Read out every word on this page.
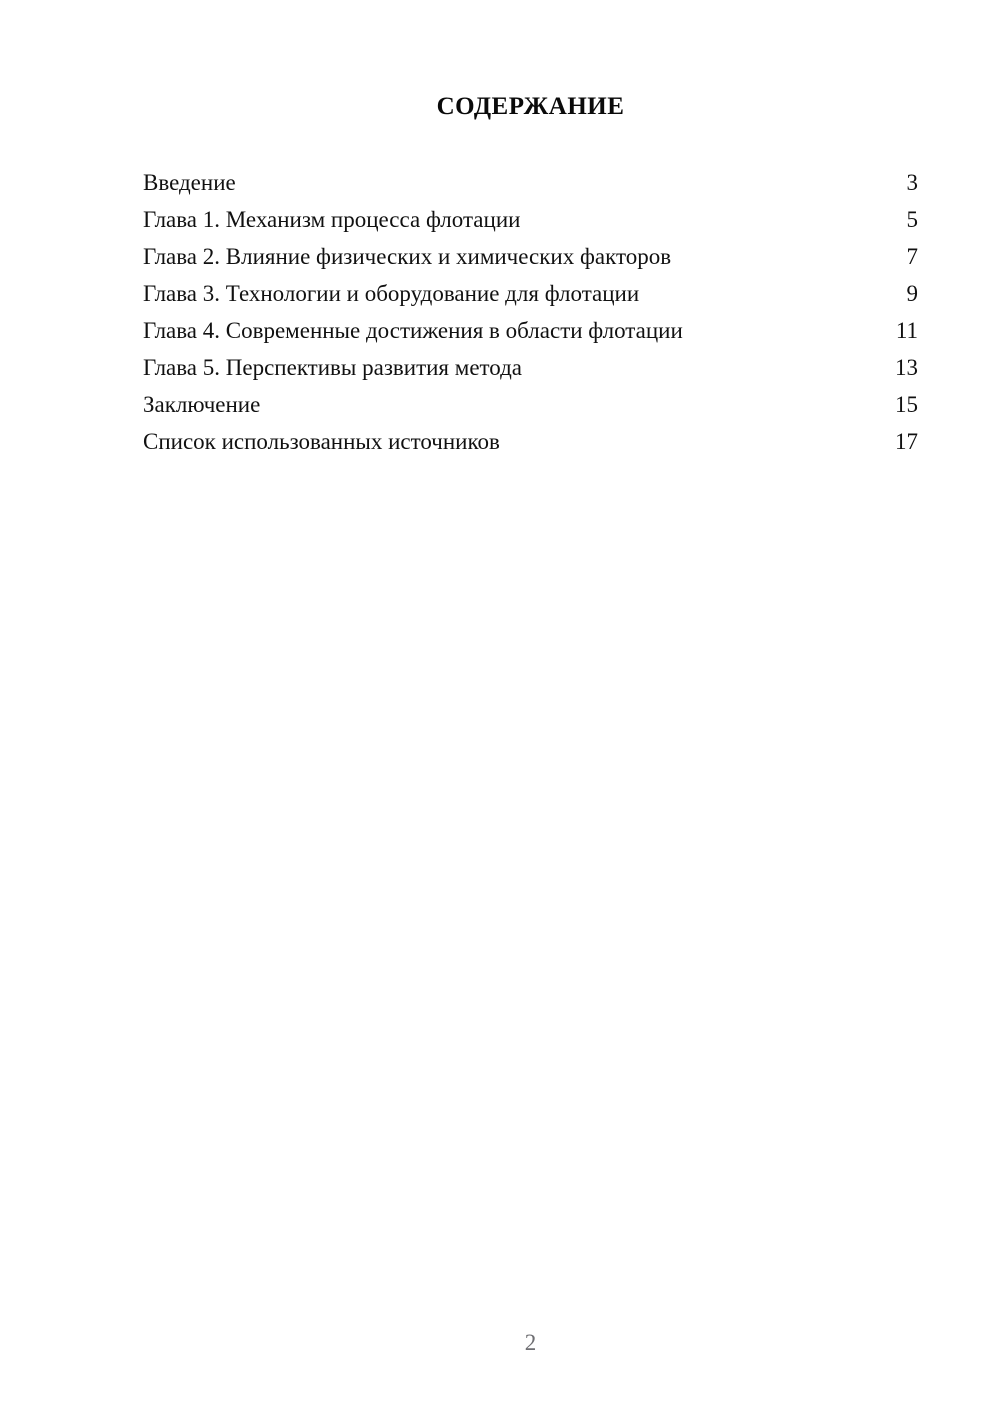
СОДЕРЖАНИЕ
Введение	3
Глава 1. Механизм процесса флотации	5
Глава 2. Влияние физических и химических факторов	7
Глава 3. Технологии и оборудование для флотации	9
Глава 4. Современные достижения в области флотации	11
Глава 5. Перспективы развития метода	13
Заключение	15
Список использованных источников	17
2
